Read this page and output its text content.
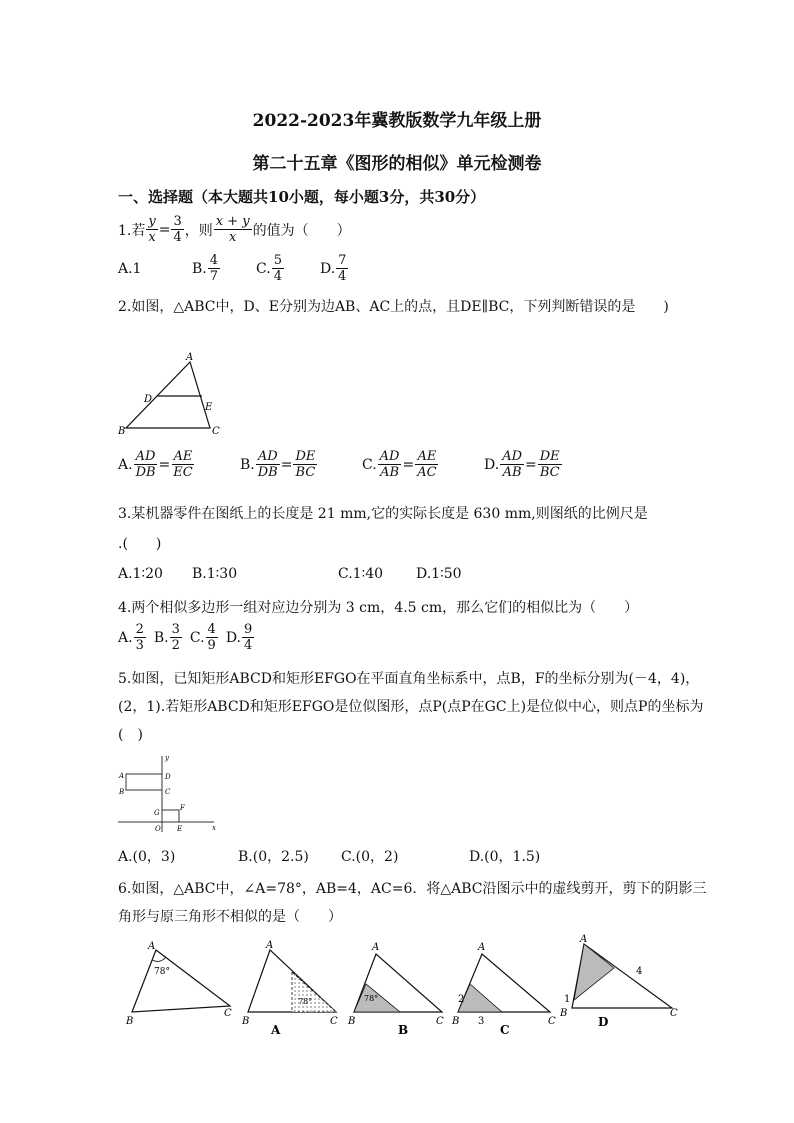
2022-2023年冀教版数学九年级上册
第二十五章《图形的相似》单元检测卷
一、选择题（本大题共10小题，每小题3分，共30分）
1.若 $\frac{y}{x} = \frac{3}{4}$ ，则 $\frac{x + y}{x}$ 的值为（　　）
A.1	B. $\frac{4}{7}$	C. $\frac{5}{4}$	D. $\frac{7}{4}$
2.如图，△ABC中，D、E分别为边AB、AC上的点，且DE∥BC，下列判断错误的是　　)
A
B	C
D
E
A. $\frac{AD}{DB} = \frac{AE}{EC}$	B. $\frac{AD}{DB} = \frac{DE}{BC}$	C. $\frac{AD}{AB} = \frac{AE}{AC}$	D. $\frac{AD}{AB} = \frac{DE}{BC}$
3.某机器零件在图纸上的长度是 21 mm,它的实际长度是 630 mm,则图纸的比例尺是
.(　　)
A.1∶20 B.1∶30	C.1∶40 D.1∶50
4.两个相似多边形一组对应边分别为 3 cm，4.5 cm，那么它们的相似比为（　　）
A. $\frac{2}{3} B$. $\frac{3}{2} C$. $\frac{4}{9} D$. $\frac{9}{4}$
5.如图，已知矩形ABCD和矩形EFGO在平面直角坐标系中，点B，F的坐标分别为(－4，4)，(2，1).若矩形ABCD和矩形EFGO是位似图形，点P(点P在GC上)是位似中心，则点P的坐标为(　)
y
x
A
B	C
D
G
F
O E
A.(0，3)	B.(0，2.5) C.(0，2)	D.(0，1.5)
6.如图，△ABC中，∠A=78°，AB=4，AC=6．将△ABC沿图示中的虚线剪开，剪下的阴影三角形与原三角形不相似的是（　　）
A
B
C
78°
A
B	C
78°
A
A
B	C
78°
B
A
B	C
2
3
C
A
B	C
1
4
D
